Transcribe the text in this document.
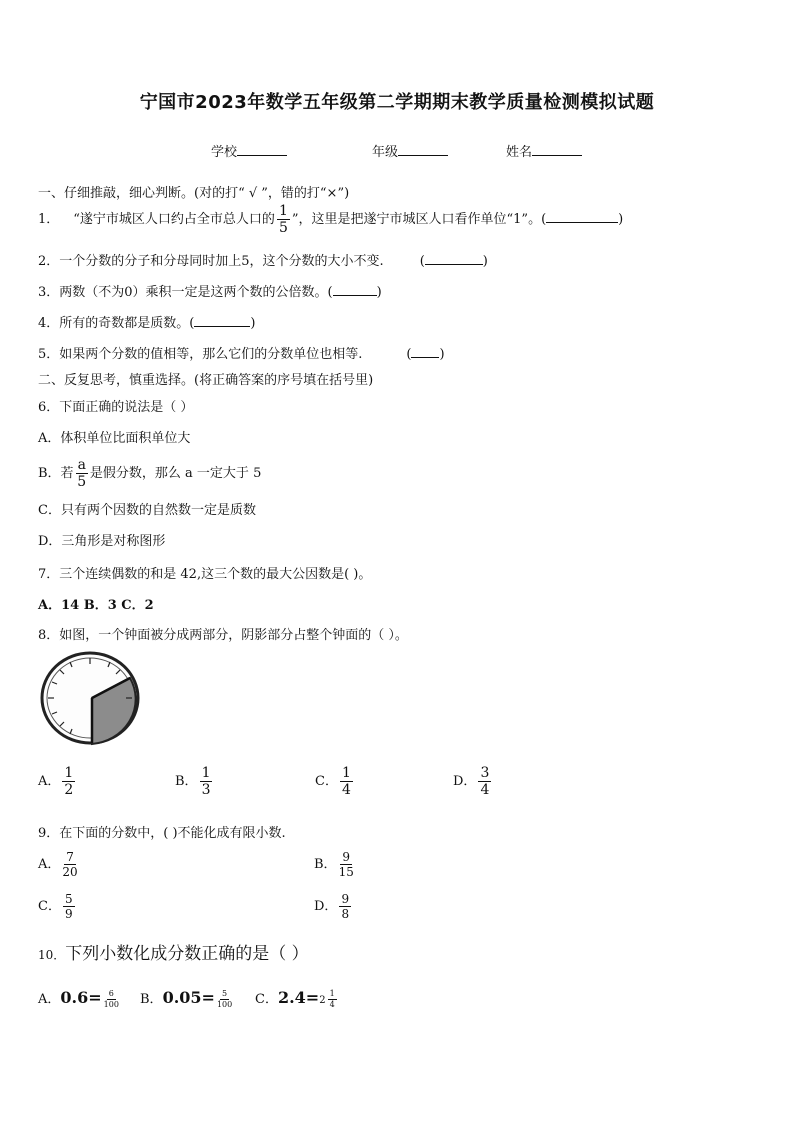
宁国市2023年数学五年级第二学期期末教学质量检测模拟试题
学校	年级	姓名
一、仔细推敲，细心判断。(对的打“ √ ”，错的打“×”)
1． “遂宁市城区人口约占全市总人口的 $\frac{1}{5}$ ”，这里是把遂宁市城区人口看作单位“1”。(	)
2．一个分数的分子和分母同时加上5，这个分数的大小不变.	(	)
3．两数（不为0）乘积一定是这两个数的公倍数。(	)
4．所有的奇数都是质数。(	)
5．如果两个分数的值相等，那么它们的分数单位也相等.	( )
二、反复思考，慎重选择。(将正确答案的序号填在括号里)
6．下面正确的说法是（ ）
A．体积单位比面积单位大
B．若 $\frac{a}{5}$ 是假分数，那么 a 一定大于 5
C．只有两个因数的自然数一定是质数
D．三角形是对称图形
7．三个连续偶数的和是 42,这三个数的最大公因数是( )。
A．14 B．3 C．2
8．如图，一个钟面被分成两部分，阴影部分占整个钟面的（ ）。
A． $\frac{1}{2}$	B． $\frac{1}{3}$	C． $\frac{1}{4}$	D． $\frac{3}{4}$
9．在下面的分数中，( )不能化成有限小数.
A． $\frac{7}{20}$	B． $\frac{9}{15}$
C． $\frac{5}{9}$	D． $\frac{9}{8}$
10．下列小数化成分数正确的是（ ）
A．$0.6= \frac{6}{100}$ B．$0.05= \frac{5}{100}$ C．$2.4=2 \frac{1}{4}$
